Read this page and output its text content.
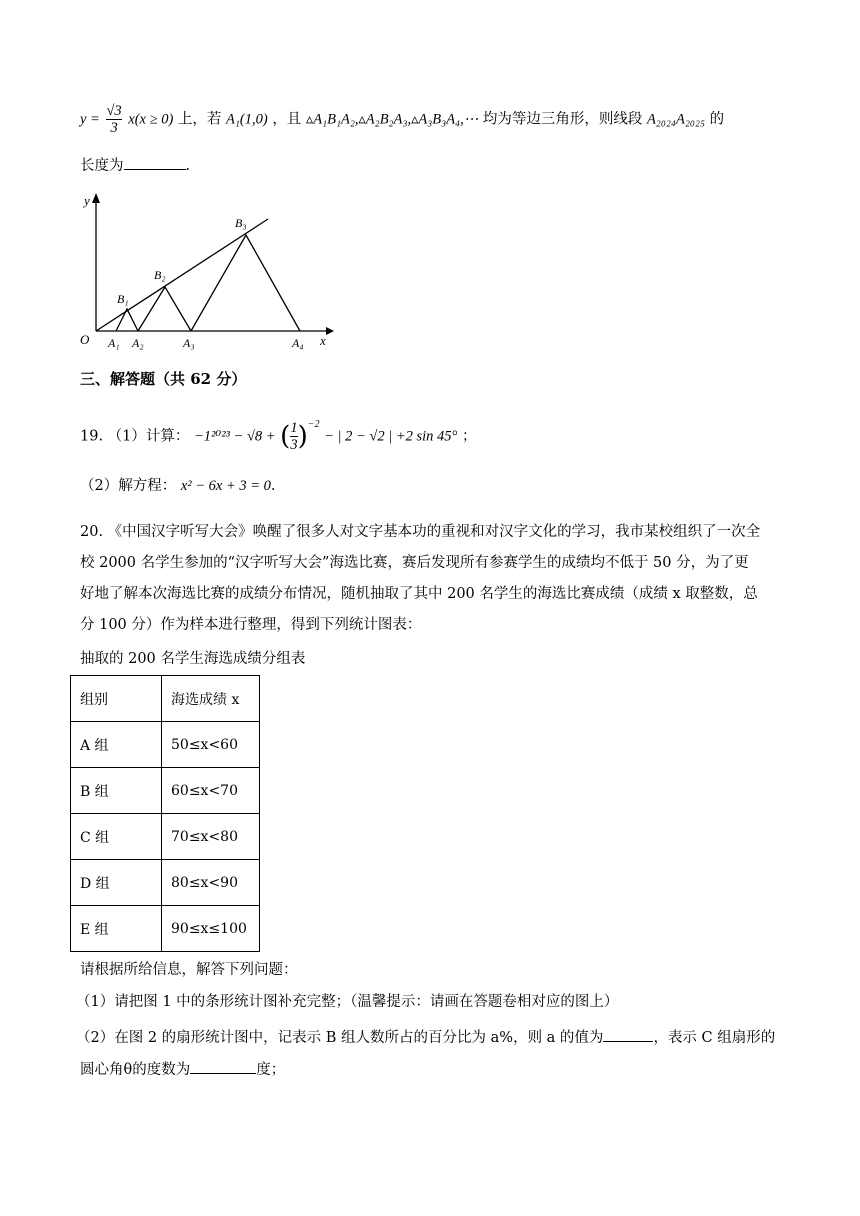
$y = \frac{√3}{3} x(x \ge 0)$ 上，若 A₁(1,0) ，且 ▵A₁B₁A₂,▵A₂B₂A₃,▵A₃B₃A₄,⋯ 均为等边三角形，则线段 A₂₀₂₄A₂₀₂₅ 的
长度为	.
y
x
O A₁ A₂	A₃	A₄
B₁
B₂
B₃
三、解答题（共 62 分）
19. （1）计算： −1²⁰²³ − √8 + ( $\frac{1}{3} )^{-2}$ − | 2 − √2 | +2 sin 45° ；
（2）解方程： x² − 6x + 3 = 0.
20. 《中国汉字听写大会》唤醒了很多人对文字基本功的重视和对汉字文化的学习，我市某校组织了一次全
校 2000 名学生参加的“汉字听写大会”海选比赛，赛后发现所有参赛学生的成绩均不低于 50 分，为了更
好地了解本次海选比赛的成绩分布情况，随机抽取了其中 200 名学生的海选比赛成绩（成绩 x 取整数，总
分 100 分）作为样本进行整理，得到下列统计图表：
抽取的 200 名学生海选成绩分组表
组别	海选成绩 x
A 组	50≤x<60
B 组	60≤x<70
C 组	70≤x<80
D 组	80≤x<90
E 组	90≤x≤100
请根据所给信息，解答下列问题：
（1）请把图 1 中的条形统计图补充完整；（温馨提示：请画在答题卷相对应的图上）
（2）在图 2 的扇形统计图中，记表示 B 组人数所占的百分比为 a%，则 a 的值为	，表示 C 组扇形的
圆心角θ的度数为	度；
